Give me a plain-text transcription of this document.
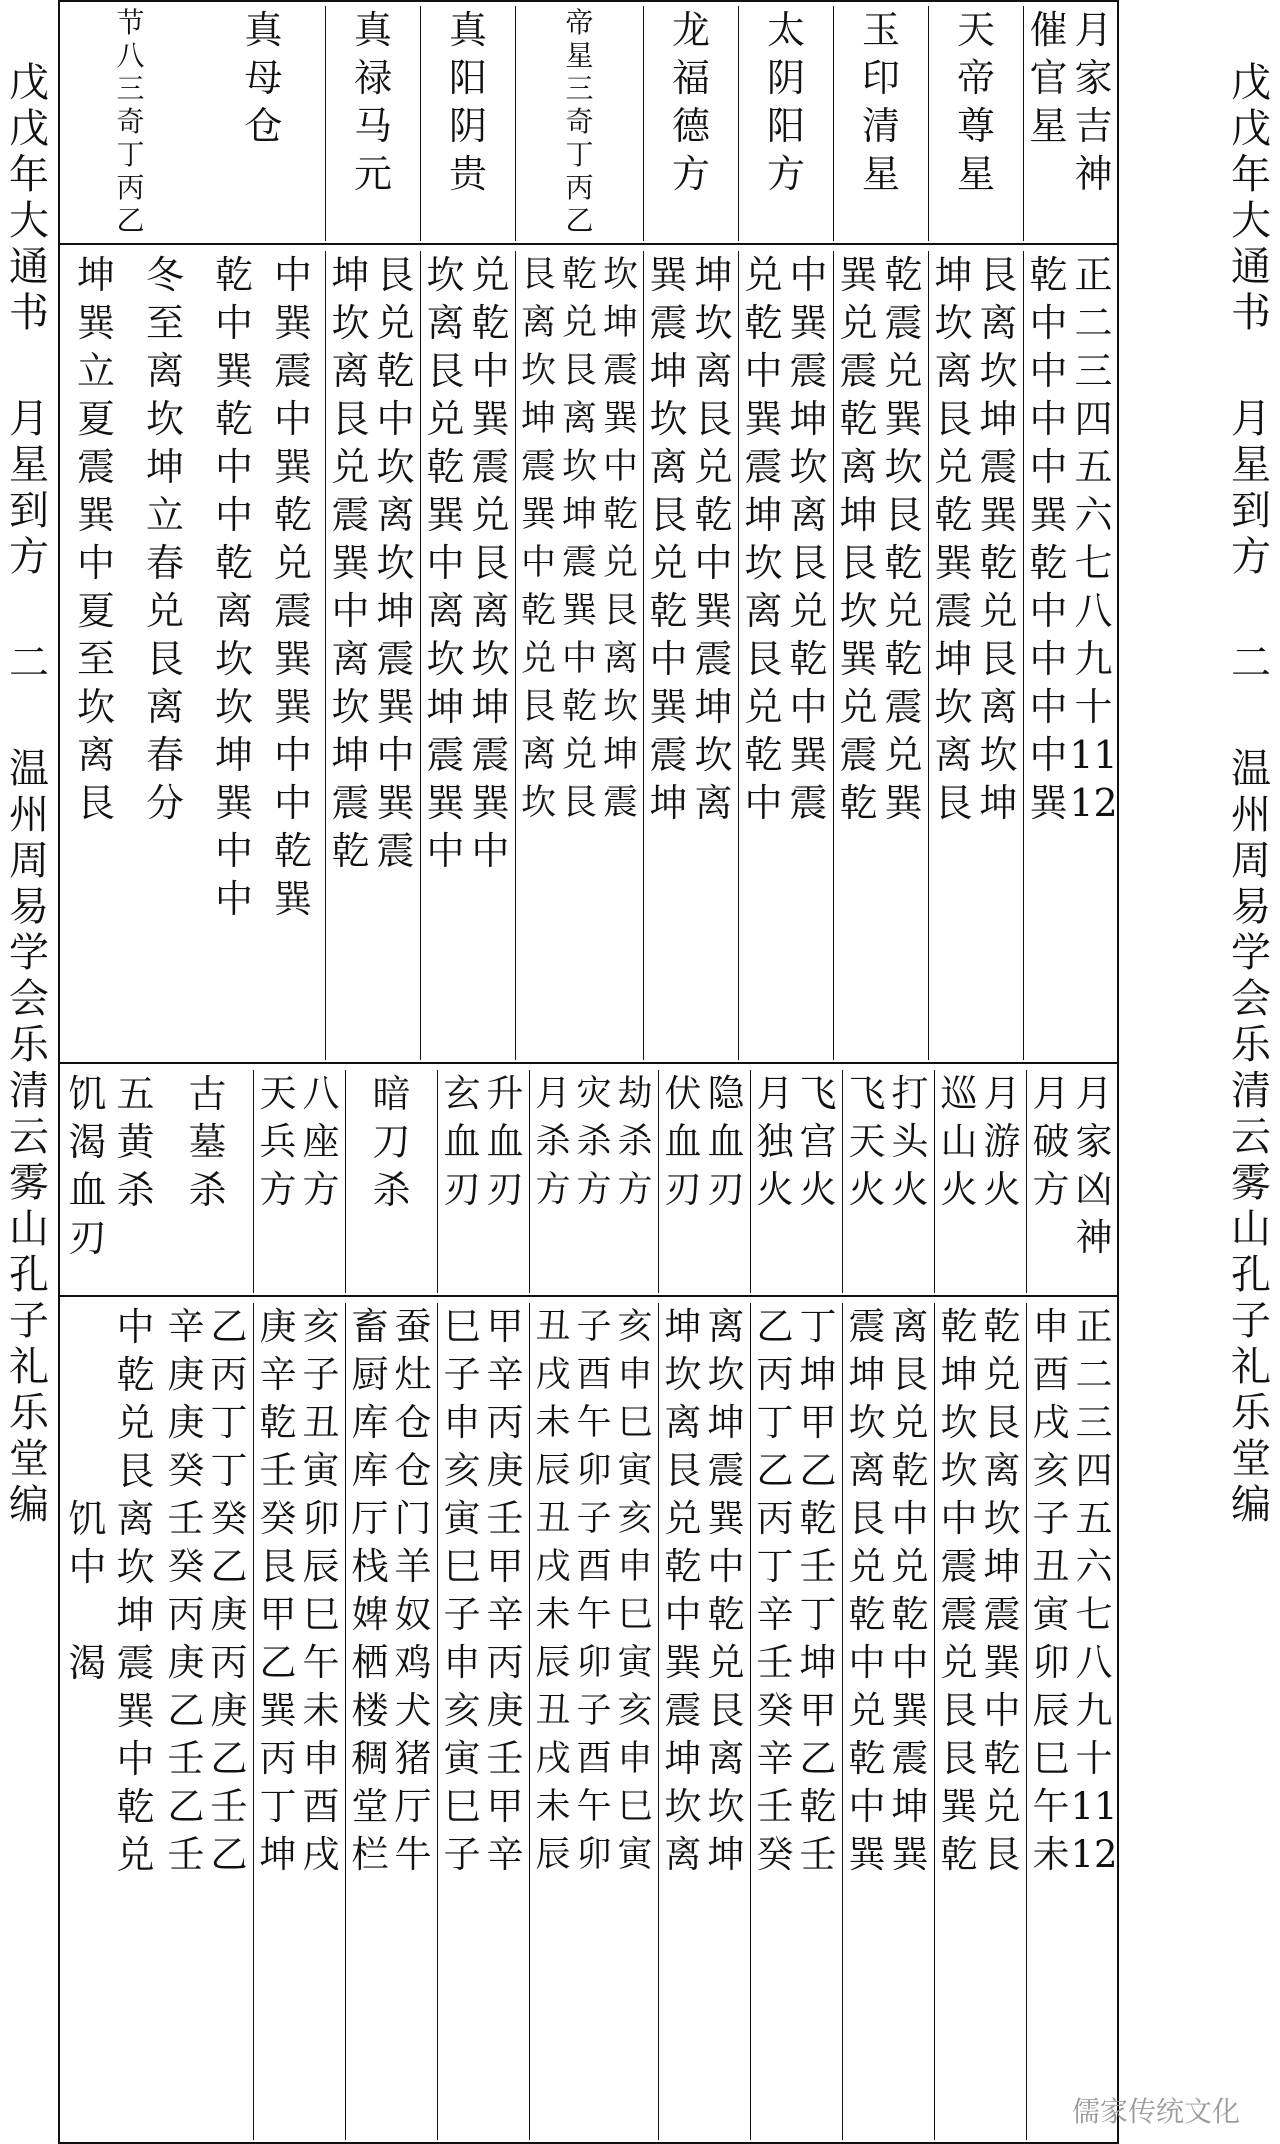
戊
戊
年
大
通
书
月
星
到
方
二
温
州
周
易
学
会
乐
清
云
雾
山
孔
子
礼
乐
堂
编
戊
戊
年
大
通
书
月
星
到
方
二
温
州
周
易
学
会
乐
清
云
雾
山
孔
子
礼
乐
堂
编
月
家
吉
神
催
官
星
天
帝
尊
星
玉
印
清
星
太
阴
阳
方
龙
福
德
方
帝
星
三
奇
丁
丙
乙
真
阳
阴
贵
真
禄
马
元
真
母
仓
节
八
三
奇
丁
丙
乙
正
二
三
四
五
六
七
八
九
十
11
12
乾
中
中
中
中
巽
乾
中
中
中
中
巽
艮
离
坎
坤
震
巽
乾
兑
艮
离
坎
坤
坤
坎
离
艮
兑
乾
巽
震
坤
坎
离
艮
乾
震
兑
巽
坎
艮
乾
兑
乾
震
兑
巽
巽
兑
震
乾
离
坤
艮
坎
巽
兑
震
乾
中
巽
震
坤
坎
离
艮
兑
乾
中
巽
震
兑
乾
中
巽
震
坤
坎
离
艮
兑
乾
中
坤
坎
离
艮
兑
乾
中
巽
震
坤
坎
离
巽
震
坤
坎
离
艮
兑
乾
中
巽
震
坤
坎
坤
震
巽
中
乾
兑
艮
离
坎
坤
震
乾
兑
艮
离
坎
坤
震
巽
中
乾
兑
艮
艮
离
坎
坤
震
巽
中
乾
兑
艮
离
坎
兑
乾
中
巽
震
兑
艮
离
坎
坤
震
巽
中
坎
离
艮
兑
乾
巽
中
离
坎
坤
震
巽
中
艮
兑
乾
中
坎
离
坎
坤
震
巽
中
巽
震
坤
坎
离
艮
兑
震
巽
中
离
坎
坤
震
乾
中
巽
震
中
巽
乾
兑
震
巽
巽
中
中
乾
巽
乾
中
巽
乾
中
中
乾
离
坎
坎
坤
巽
中
中
冬
至
离
坎
坤
立
春
兑
艮
离
春
分
坤
巽
立
夏
震
巽
中
夏
至
坎
离
艮
月
家
凶
神
月
破
方
月
游
火
巡
山
火
打
头
火
飞
天
火
飞
宫
火
月
独
火
隐
血
刃
伏
血
刃
劫
杀
方
灾
杀
方
月
杀
方
升
血
刃
玄
血
刃
暗
刀
杀
八
座
方
天
兵
方
古
墓
杀
五
黄
杀
饥
渴
血
刃
正
二
三
四
五
六
七
八
九
十
11
12
申
酉
戌
亥
子
丑
寅
卯
辰
巳
午
未
乾
兑
艮
离
坎
坤
震
巽
中
乾
兑
艮
乾
坤
坎
坎
中
震
震
兑
艮
艮
巽
乾
离
艮
兑
乾
中
兑
乾
中
巽
震
坤
巽
震
坤
坎
离
艮
兑
乾
中
兑
乾
中
巽
丁
坤
甲
乙
乾
壬
丁
坤
甲
乙
乾
壬
乙
丙
丁
乙
丙
丁
辛
壬
癸
辛
壬
癸
离
坎
坤
震
巽
中
乾
兑
艮
离
坎
坤
坤
坎
离
艮
兑
乾
中
巽
震
坤
坎
离
亥
申
巳
寅
亥
申
巳
寅
亥
申
巳
寅
子
酉
午
卯
子
酉
午
卯
子
酉
午
卯
丑
戌
未
辰
丑
戌
未
辰
丑
戌
未
辰
甲
辛
丙
庚
壬
甲
辛
丙
庚
壬
甲
辛
巳
子
申
亥
寅
巳
子
申
亥
寅
巳
子
蚕
灶
仓
仓
门
羊
奴
鸡
犬
猪
厅
牛
畜
厨
库
库
厅
栈
婢
栖
楼
稠
堂
栏
亥
子
丑
寅
卯
辰
巳
午
未
申
酉
戌
庚
辛
乾
壬
癸
艮
甲
乙
巽
丙
丁
坤
乙
丙
丁
丁
癸
乙
庚
丙
庚
乙
壬
乙
辛
庚
庚
癸
壬
癸
丙
庚
乙
壬
乙
壬
中
乾
兑
艮
离
坎
坤
震
巽
中
乾
兑
饥
中
渴
儒家传统文化
